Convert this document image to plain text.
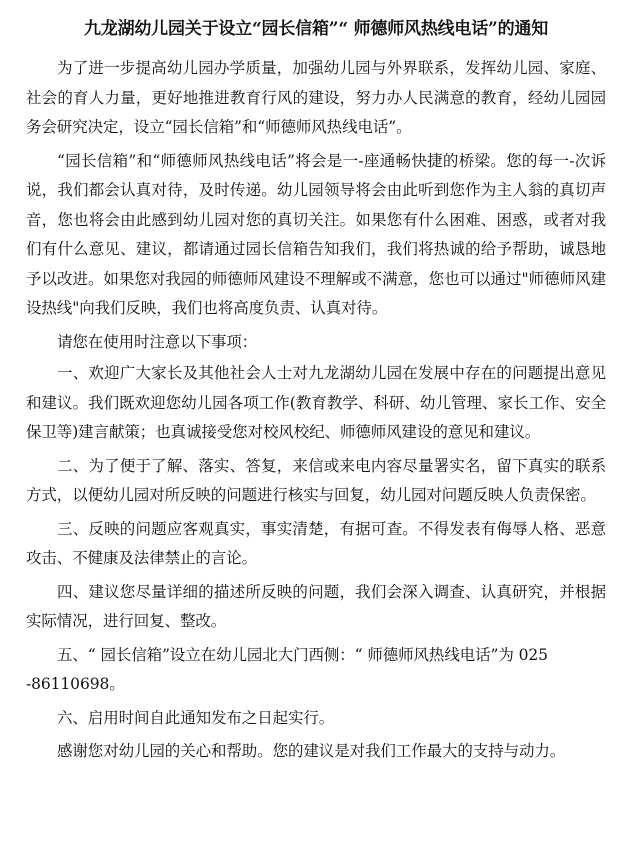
九龙湖幼儿园关于设立“园长信箱”“ 师德师风热线电话”的通知

为了进一步提高幼儿园办学质量，加强幼儿园与外界联系，发挥幼儿园、家庭、社会的育人力量，更好地推进教育行风的建设，努力办人民满意的教育，经幼儿园园务会研究决定，设立“园长信箱”和“师德师风热线电话”。

“园长信箱”和“师德师风热线电话”将会是一-座通畅快捷的桥梁。您的每一-次诉说，我们都会认真对待，及时传递。幼儿园领导将会由此听到您作为主人翁的真切声音，您也将会由此感到幼儿园对您的真切关注。如果您有什么困难、困惑，或者对我们有什么意见、建议，都请通过园长信箱告知我们，我们将热诚的给予帮助，诚恳地予以改进。如果您对我园的师德师风建设不理解或不满意，您也可以通过"师德师风建设热线"向我们反映，我们也将高度负责、认真对待。

请您在使用时注意以下事项：

一、欢迎广大家长及其他社会人士对九龙湖幼儿园在发展中存在的问题提出意见和建议。我们既欢迎您幼儿园各项工作(教育教学、科研、幼儿管理、家长工作、安全保卫等)建言献策；也真诚接受您对校风校纪、师德师风建设的意见和建议。

二、为了便于了解、落实、答复，来信或来电内容尽量署实名，留下真实的联系方式，以便幼儿园对所反映的问题进行核实与回复，幼儿园对问题反映人负责保密。

三、反映的问题应客观真实，事实清楚，有据可查。不得发表有侮辱人格、恶意攻击、不健康及法律禁止的言论。

四、建议您尽量详细的描述所反映的问题，我们会深入调查、认真研究，并根据实际情况，进行回复、整改。

五、“ 园长信箱”设立在幼儿园北大门西侧：“ 师德师风热线电话”为 025
-86110698。

六、启用时间自此通知发布之日起实行。

感谢您对幼儿园的关心和帮助。您的建议是对我们工作最大的支持与动力。
